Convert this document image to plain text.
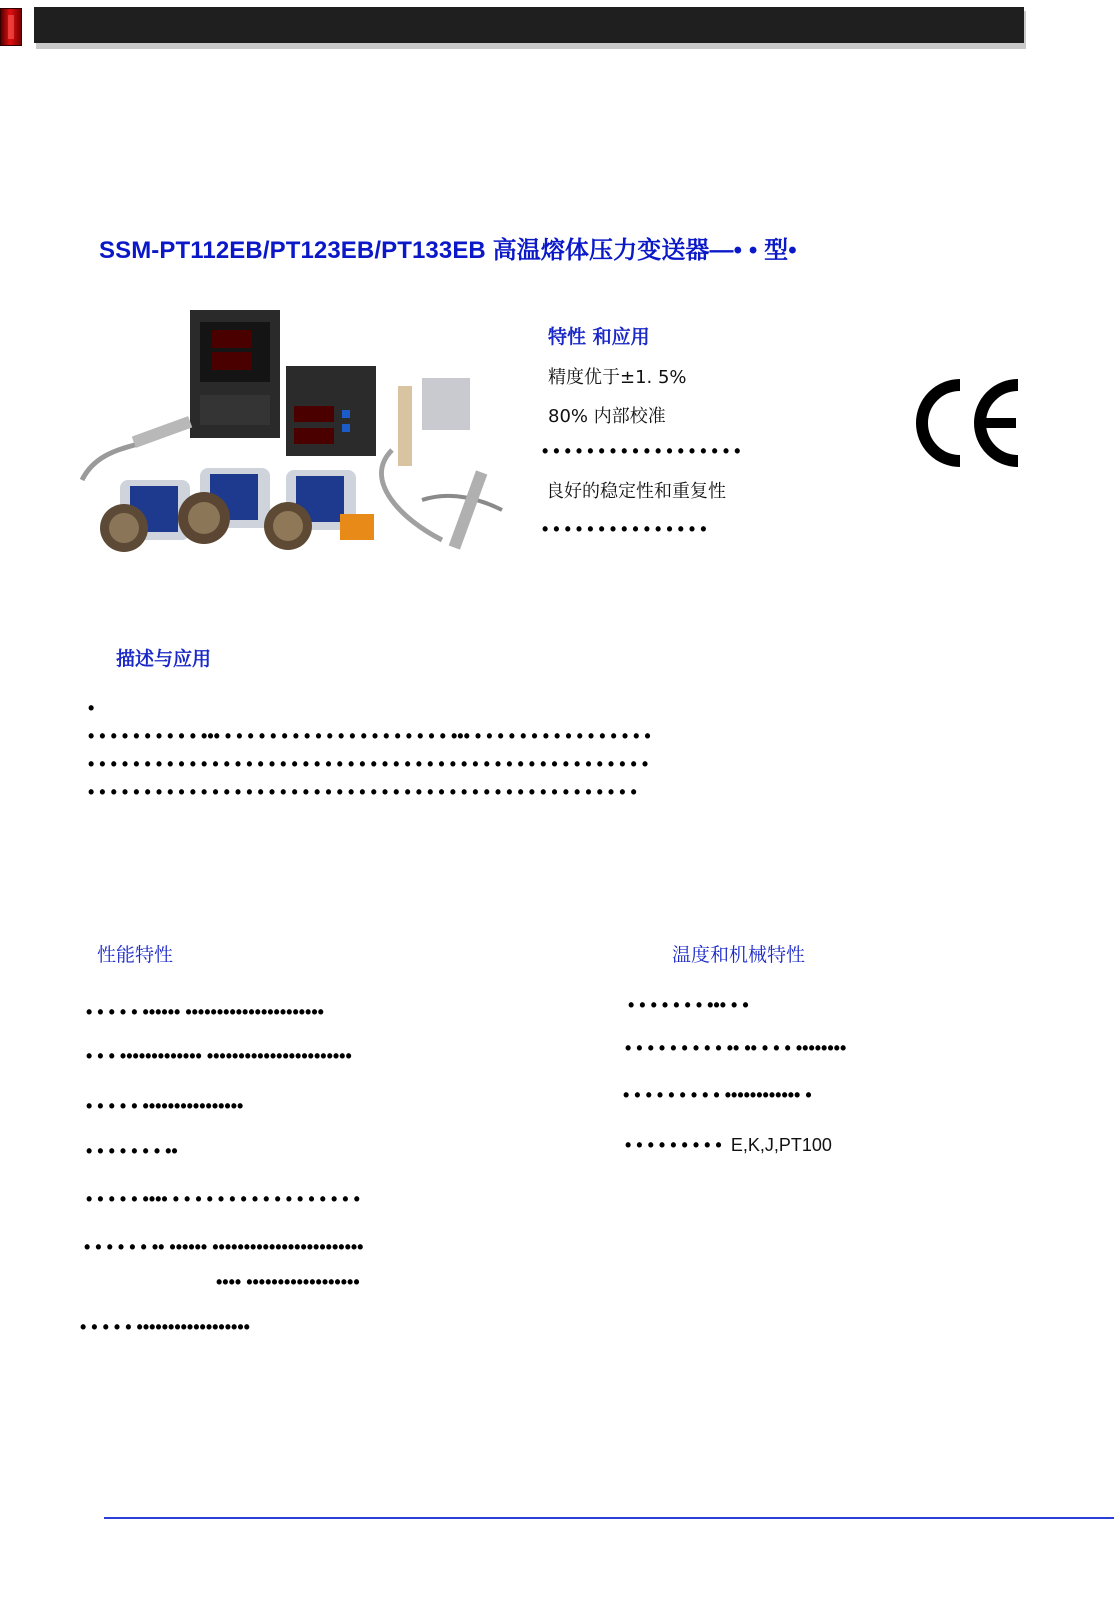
SSM-PT112EB/PT123EB/PT133EB 高温熔体压力变送器—• • 型•
特性 和应用
精度优于±1. 5%
80% 内部校准
• • • • • • • • • • • • • • • • • •
良好的稳定性和重复性
• • • • • • • • • • • • • • •
描述与应用
•
• • • • • • • • • • ••• • • • • • • • • • • • • • • • • • • • • ••• • • • • • • • • • • • • • • • •
• • • • • • • • • • • • • • • • • • • • • • • • • • • • • • • • • • • • • • • • • • • • • • • • • •
• • • • • • • • • • • • • • • • • • • • • • • • • • • • • • • • • • • • • • • • • • • • • • • • •
性能特性
• • • • • •••••• ••••••••••••••••••••••
• • • ••••••••••••• •••••••••••••••••••••••
• • • • • ••••••••••••••••
• • • • • • • ••
• • • • • •••• • • • • • • • • • • • • • • • • •
• • • • • • •• •••••• ••••••••••••••••••••••••
•••• ••••••••••••••••••
• • • • • ••••••••••••••••••
温度和机械特性
• • • • • • • ••• • •
• • • • • • • • • •• •• • • • ••••••••
• • • • • • • • • •••••••••••• •
• • • • • • • • • E,K,J,PT100
